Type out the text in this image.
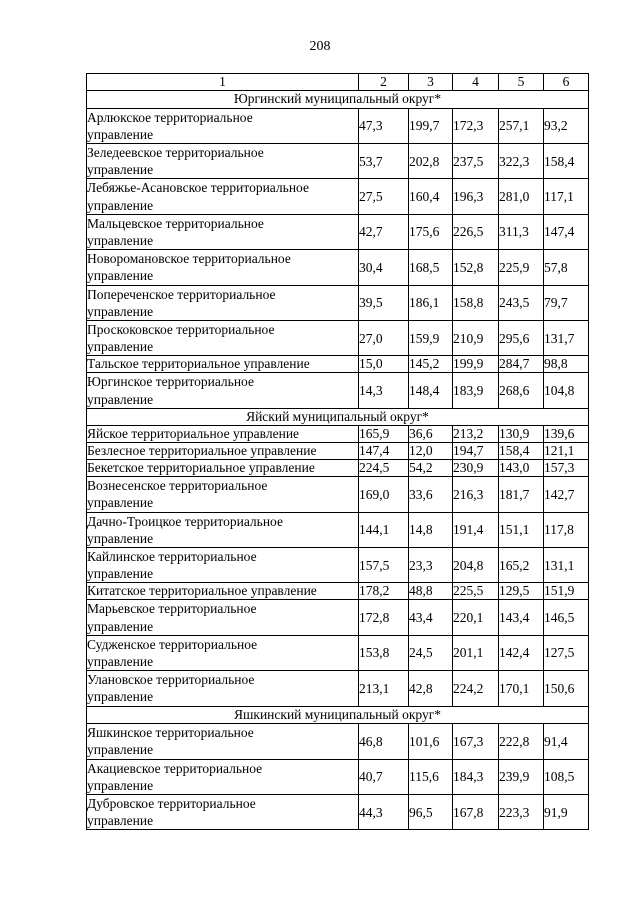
208
1	2	3	4	5	6
Юргинский муниципальный округ*					
Арлюкское территориальное
управление	47,3	199,7	172,3	257,1	93,2
Зеледеевское территориальное
управление	53,7	202,8	237,5	322,3	158,4
Лебяжье-Асановское территориальное
управление	27,5	160,4	196,3	281,0	117,1
Мальцевское территориальное
управление	42,7	175,6	226,5	311,3	147,4
Новоромановское территориальное
управление	30,4	168,5	152,8	225,9	57,8
Попереченское территориальное
управление	39,5	186,1	158,8	243,5	79,7
Проскоковское территориальное
управление	27,0	159,9	210,9	295,6	131,7
Тальское территориальное управление	15,0	145,2	199,9	284,7	98,8
Юргинское территориальное
управление	14,3	148,4	183,9	268,6	104,8
Яйский муниципальный округ*					
Яйское территориальное управление	165,9	36,6	213,2	130,9	139,6
Безлесное территориальное управление	147,4	12,0	194,7	158,4	121,1
Бекетское территориальное управление	224,5	54,2	230,9	143,0	157,3
Вознесенское территориальное
управление	169,0	33,6	216,3	181,7	142,7
Дачно-Троицкое территориальное
управление	144,1	14,8	191,4	151,1	117,8
Кайлинское территориальное
управление	157,5	23,3	204,8	165,2	131,1
Китатское территориальное управление	178,2	48,8	225,5	129,5	151,9
Марьевское территориальное
управление	172,8	43,4	220,1	143,4	146,5
Судженское территориальное
управление	153,8	24,5	201,1	142,4	127,5
Улановское территориальное
управление	213,1	42,8	224,2	170,1	150,6
Яшкинский муниципальный округ*					
Яшкинское территориальное
управление	46,8	101,6	167,3	222,8	91,4
Акациевское территориальное
управление	40,7	115,6	184,3	239,9	108,5
Дубровское территориальное
управление	44,3	96,5	167,8	223,3	91,9
